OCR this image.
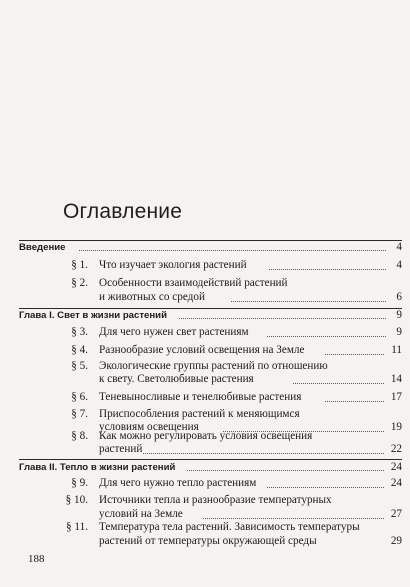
Оглавление
Введение	4
§ 1. Что изучает экология растений	4
§ 2. Особенности взаимодействий растений
и животных со средой	6
Глава I. Свет в жизни растений	9
§ 3. Для чего нужен свет растениям	9
§ 4. Разнообразие условий освещения на Земле	11
§ 5. Экологические группы растений по отношению
к свету. Светолюбивые растения	14
§ 6. Теневыносливые и тенелюбивые растения	17
§ 7. Приспособления растений к меняющимся
условиям освещения	19
§ 8. Как можно регулировать условия освещения
растений	22
Глава II. Тепло в жизни растений	24
§ 9. Для чего нужно тепло растениям	24
§ 10. Источники тепла и разнообразие температурных
условий на Земле	27
§ 11. Температура тела растений. Зависимость температуры
растений от температуры окружающей среды	29
188
